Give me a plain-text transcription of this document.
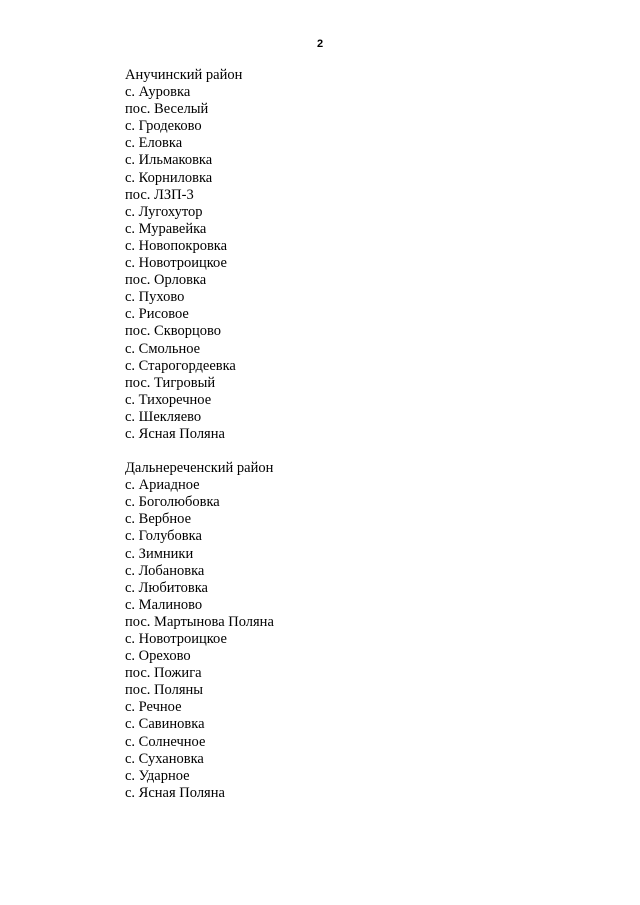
2

Анучинский район

с. Ауровка

пос. Веселый

с. Гродеково

с. Еловка

с. Ильмаковка

с. Корниловка

пос. ЛЗП-3

с. Лугохутор

с. Муравейка

с. Новопокровка

с. Новотроицкое

пос. Орловка

с. Пухово

с. Рисовое

пос. Скворцово

с. Смольное

с. Старогордеевка

пос. Тигровый

с. Тихоречное

с. Шекляево

с. Ясная Поляна

Дальнереченский район

с. Ариадное

с. Боголюбовка

с. Вербное

с. Голубовка

с. Зимники

с. Лобановка

с. Любитовка

с. Малиново

пос. Мартынова Поляна

с. Новотроицкое

с. Орехово

пос. Пожига

пос. Поляны

с. Речное

с. Савиновка

с. Солнечное

с. Сухановка

с. Ударное

с. Ясная Поляна
